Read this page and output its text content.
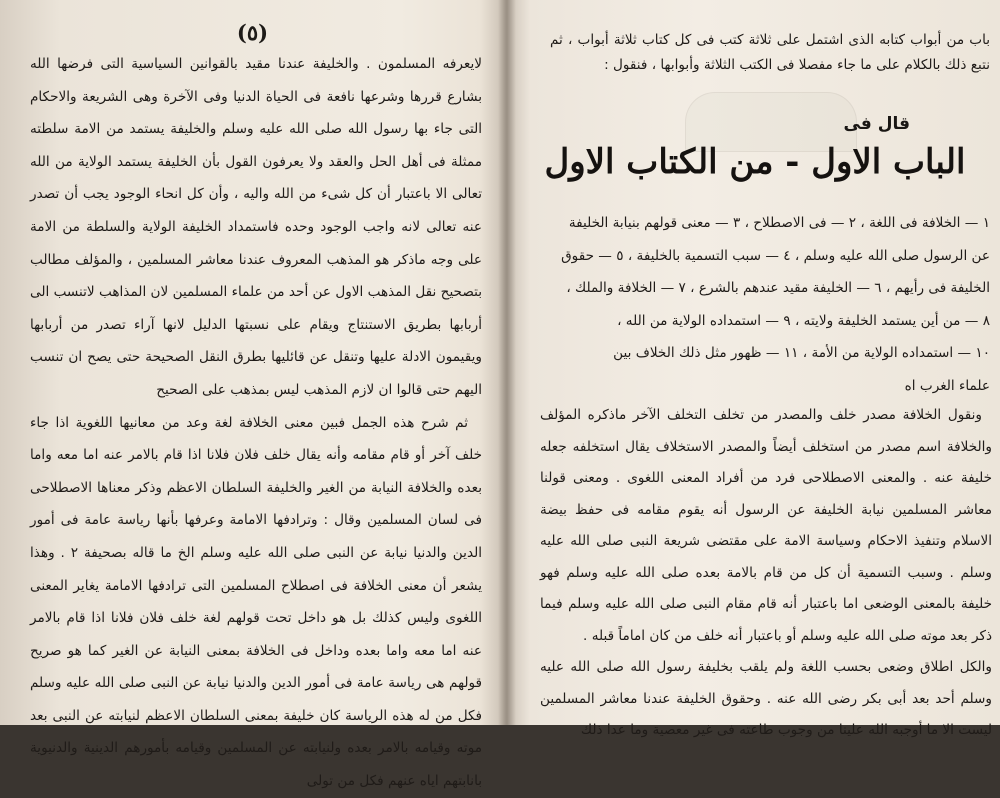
(٥)

لايعرفه المسلمون . والخليفة عندنا مقيد بالقوانين السياسية التى فرضها الله بشارع قررها وشرعها نافعة فى الحياة الدنيا وفى الآخرة وهى الشريعة والاحكام التى جاء بها رسول الله صلى الله عليه وسلم والخليفة يستمد من الامة سلطته ممثلة فى أهل الحل والعقد ولا يعرفون القول بأن الخليفة يستمد الولاية من الله تعالى الا باعتبار أن كل شىء من الله واليه ، وأن كل انحاء الوجود يجب أن تصدر عنه تعالى لانه واجب الوجود وحده فاستمداد الخليفة الولاية والسلطة من الامة على وجه ماذكر هو المذهب المعروف عندنا معاشر المسلمين ، والمؤلف مطالب بتصحيح نقل المذهب الاول عن أحد من علماء المسلمين لان المذاهب لاتنسب الى أربابها بطريق الاستنتاج ويقام على نسبتها الدليل لانها آراء تصدر من أربابها ويقيمون الادلة عليها وتنقل عن قائليها بطرق النقل الصحيحة حتى يصح ان تنسب اليهم حتى قالوا ان لازم المذهب ليس بمذهب على الصحيح

ثم شرح هذه الجمل فبين معنى الخلافة لغة وعد من معانيها اللغوية اذا جاء خلف آخر أو قام مقامه وأنه يقال خلف فلان فلانا اذا قام بالامر عنه اما معه واما بعده والخلافة النيابة من الغير والخليفة السلطان الاعظم وذكر معناها الاصطلاحى فى لسان المسلمين وقال : وترادفها الامامة وعرفها بأنها رياسة عامة فى أمور الدين والدنيا نيابة عن النبى صلى الله عليه وسلم الخ ما قاله بصحيفة ٢ . وهذا يشعر أن معنى الخلافة فى اصطلاح المسلمين التى ترادفها الامامة يغاير المعنى اللغوى وليس كذلك بل هو داخل تحت قولهم لغة خلف فلان فلانا اذا قام بالامر عنه اما معه واما بعده وداخل فى الخلافة بمعنى النيابة عن الغير كما هو صريح قولهم هى رياسة عامة فى أمور الدين والدنيا نيابة عن النبى صلى الله عليه وسلم فكل من له هذه الرياسة كان خليفة بمعنى السلطان الاعظم لنيابته عن النبى بعد موته وقيامه بالامر بعده ولنيابته عن المسلمين وقيامه بأمورهم الدينية والدنيوية بانابتهم اياه عنهم فكل من تولى

باب من أبواب كتابه الذى اشتمل على ثلاثة كتب فى كل كتاب ثلاثة أبواب ، ثم نتبع ذلك بالكلام على ما جاء مفصلا فى الكتب الثلاثة وأبوابها ، فنقول :
قال فى
الباب الاول - من الكتاب الاول
١ — الخلافة فى اللغة ، ٢ — فى الاصطلاح ، ٣ — معنى قولهم بنيابة الخليفة
عن الرسول صلى الله عليه وسلم ، ٤ — سبب التسمية بالخليفة ، ٥ — حقوق
الخليفة فى رأيهم ، ٦ — الخليفة مقيد عندهم بالشرع ، ٧ — الخلافة والملك ،
٨ — من أين يستمد الخليفة ولايته ، ٩ — استمداده الولاية من الله ،
١٠ — استمداده الولاية من الأمة ، ١١ — ظهور مثل ذلك الخلاف بين
علماء الغرب اه

ونقول الخلافة مصدر خلف والمصدر من تخلف التخلف الآخر ماذكره المؤلف والخلافة اسم مصدر من استخلف أيضاً والمصدر الاستخلاف يقال استخلفه جعله خليفة عنه . والمعنى الاصطلاحى فرد من أفراد المعنى اللغوى . ومعنى قولنا معاشر المسلمين نيابة الخليفة عن الرسول أنه يقوم مقامه فى حفظ بيضة الاسلام وتنفيذ الاحكام وسياسة الامة على مقتضى شريعة النبى صلى الله عليه وسلم . وسبب التسمية أن كل من قام بالامة بعده صلى الله عليه وسلم فهو خليفة بالمعنى الوضعى اما باعتبار أنه قام مقام النبى صلى الله عليه وسلم فيما ذكر بعد موته صلى الله عليه وسلم أو باعتبار أنه خلف من كان اماماً قبله .

والكل اطلاق وضعى بحسب اللغة ولم يلقب بخليفة رسول الله صلى الله عليه وسلم أحد بعد أبى بكر رضى الله عنه . وحقوق الخليفة عندنا معاشر المسلمين ليست الا ما أوجبه الله علينا من وجوب طاعته فى غير معصية وما عدا ذلك
